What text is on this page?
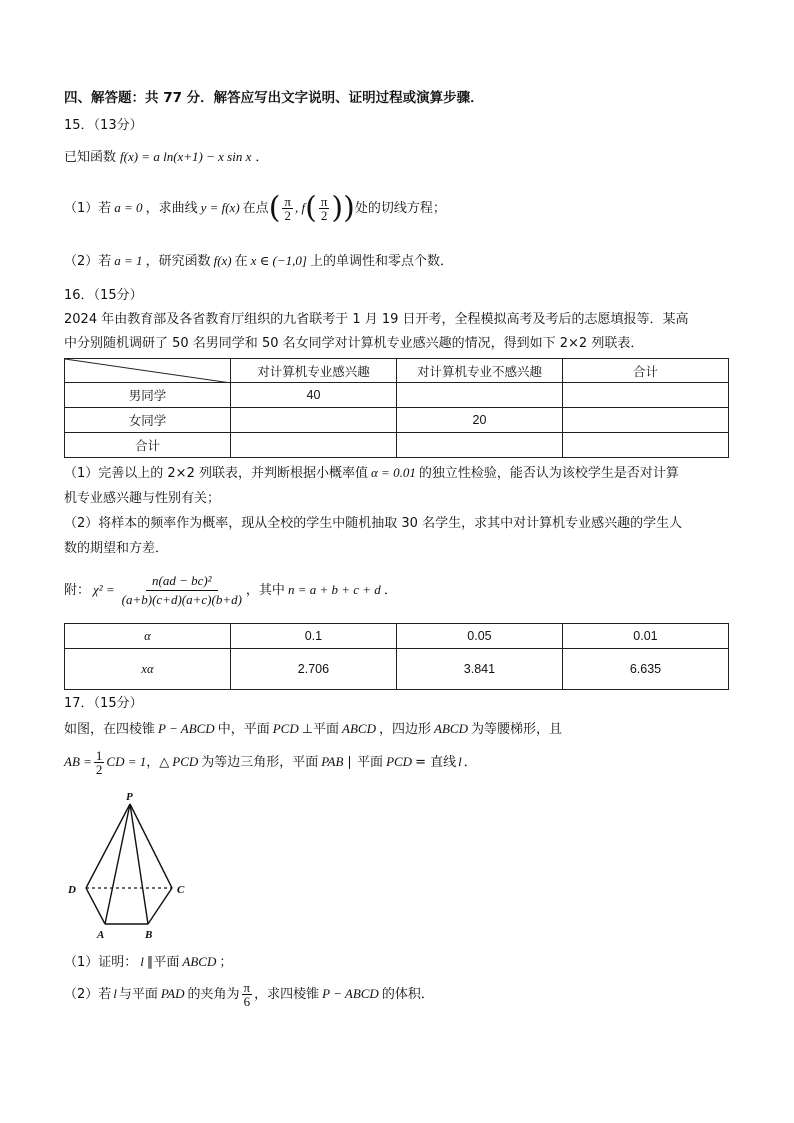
四、解答题：共 77 分．解答应写出文字说明、证明过程或演算步骤．
15．（13分）
已知函数 f(x) = a ln(x+1) − x sin x ．
（1）若 a = 0 ，求曲线 y = f(x) 在点( $\frac{\pi}{2}$ , $f( \frac{\pi}{2}$ ))处的切线方程；
（2）若 a = 1 ，研究函数 f(x) 在 x ∈ (−1,0] 上的单调性和零点个数．
16．（15分）
2024 年由教育部及各省教育厅组织的九省联考于 1 月 19 日开考，全程模拟高考及考后的志愿填报等．某高
中分别随机调研了 50 名男同学和 50 名女同学对计算机专业感兴趣的情况，得到如下 2×2 列联表．
	对计算机专业感兴趣	对计算机专业不感兴趣	合计
男同学	40		
女同学		20	
合计			
（1）完善以上的 2×2 列联表，并判断根据小概率值 α = 0.01 的独立性检验，能否认为该校学生是否对计算
机专业感兴趣与性别有关；
（2）将样本的频率作为概率，现从全校的学生中随机抽取 30 名学生，求其中对计算机专业感兴趣的学生人
数的期望和方差．
附： $\chi^2 = \frac{\text{n(ad − bc)²}}{(a+b)(c+d)(a+c)(b+d)}$ ，其中 n = a + b + c + d ．
α	0.1	0.05	0.01
xα	2.706	3.841	6.635
17．（15分）
如图，在四棱锥 P − ABCD 中，平面 PCD ⊥平面 ABCD ，四边形 ABCD 为等腰梯形，且
AB = $\frac{1}{2}$ CD = 1，△ PCD 为等边三角形，平面 PAB ∣ 平面 PCD = 直线 l ．
P
D	C
A	B
（1）证明： l ∥平面 ABCD ；
（2）若 l 与平面 PAD 的夹角为 $\frac{\pi}{6}$ ，求四棱锥 P − ABCD 的体积．
